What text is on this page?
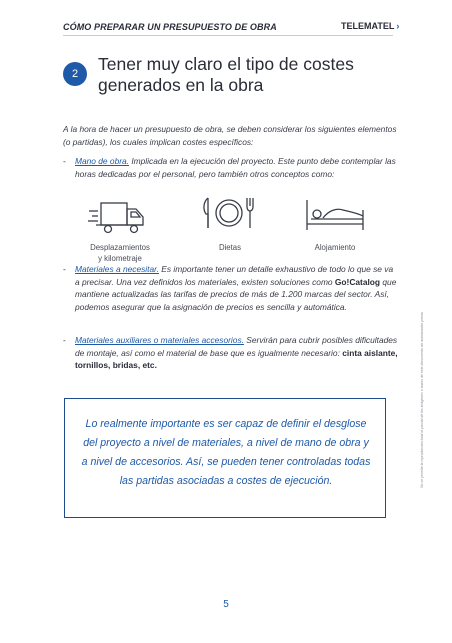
CÓMO PREPARAR UN PRESUPUESTO DE OBRA	TELEMATEL ›
2	Tener muy claro el tipo de costes generados en la obra
A la hora de hacer un presupuesto de obra, se deben considerar los siguientes elementos (o partidas), los cuales implican costes específicos:
- Mano de obra. Implicada en la ejecución del proyecto. Este punto debe contemplar las horas dedicadas por el personal, pero también otros conceptos como:
Desplazamientos
y kilometraje
Dietas	Alojamiento
- Materiales a necesitar. Es importante tener un detalle exhaustivo de todo lo que se va a precisar. Una vez definidos los materiales, existen soluciones como Go!Catalog que mantiene actualizadas las tarifas de precios de más de 1.200 marcas del sector. Así, podemos asegurar que la asignación de precios es sencilla y automática.
- Materiales auxiliares o materiales accesorios. Servirán para cubrir posibles dificultades de montaje, así como el material de base que es igualmente necesario: cinta aislante, tornillos, bridas, etc.
Lo realmente importante es ser capaz de definir el desglose del proyecto a nivel de materiales, a nivel de mano de obra y a nivel de accesorios. Así, se pueden tener controladas todas las partidas asociadas a costes de ejecución.	No se permite la reproducción total ni parcial de las imágenes o textos de este documento sin autorización previa.
5
